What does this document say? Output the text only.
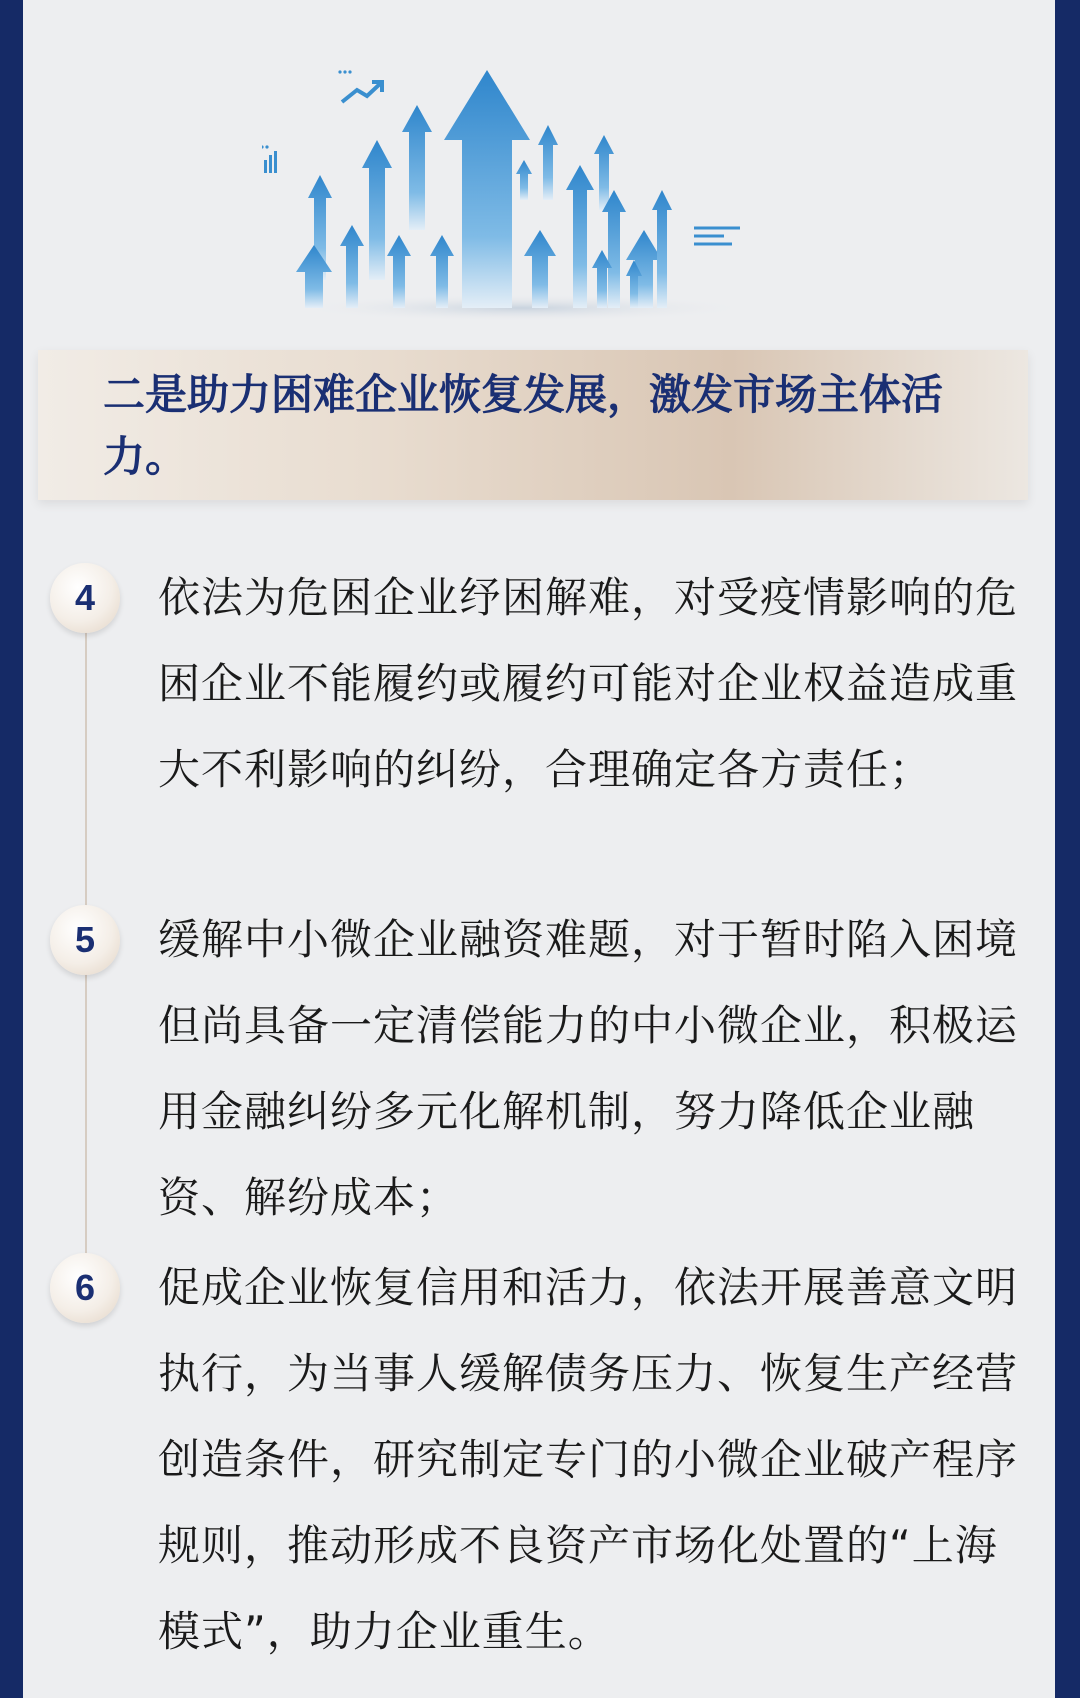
二是助力困难企业恢复发展，激发市场主体活力。

4	依法为危困企业纾困解难，对受疫情影响的危困企业不能履约或履约可能对企业权益造成重大不利影响的纠纷，合理确定各方责任；

5	缓解中小微企业融资难题，对于暂时陷入困境但尚具备一定清偿能力的中小微企业，积极运用金融纠纷多元化解机制，努力降低企业融资、解纷成本；

6	促成企业恢复信用和活力，依法开展善意文明执行，为当事人缓解债务压力、恢复生产经营创造条件，研究制定专门的小微企业破产程序规则，推动形成不良资产市场化处置的“上海模式”，助力企业重生。
